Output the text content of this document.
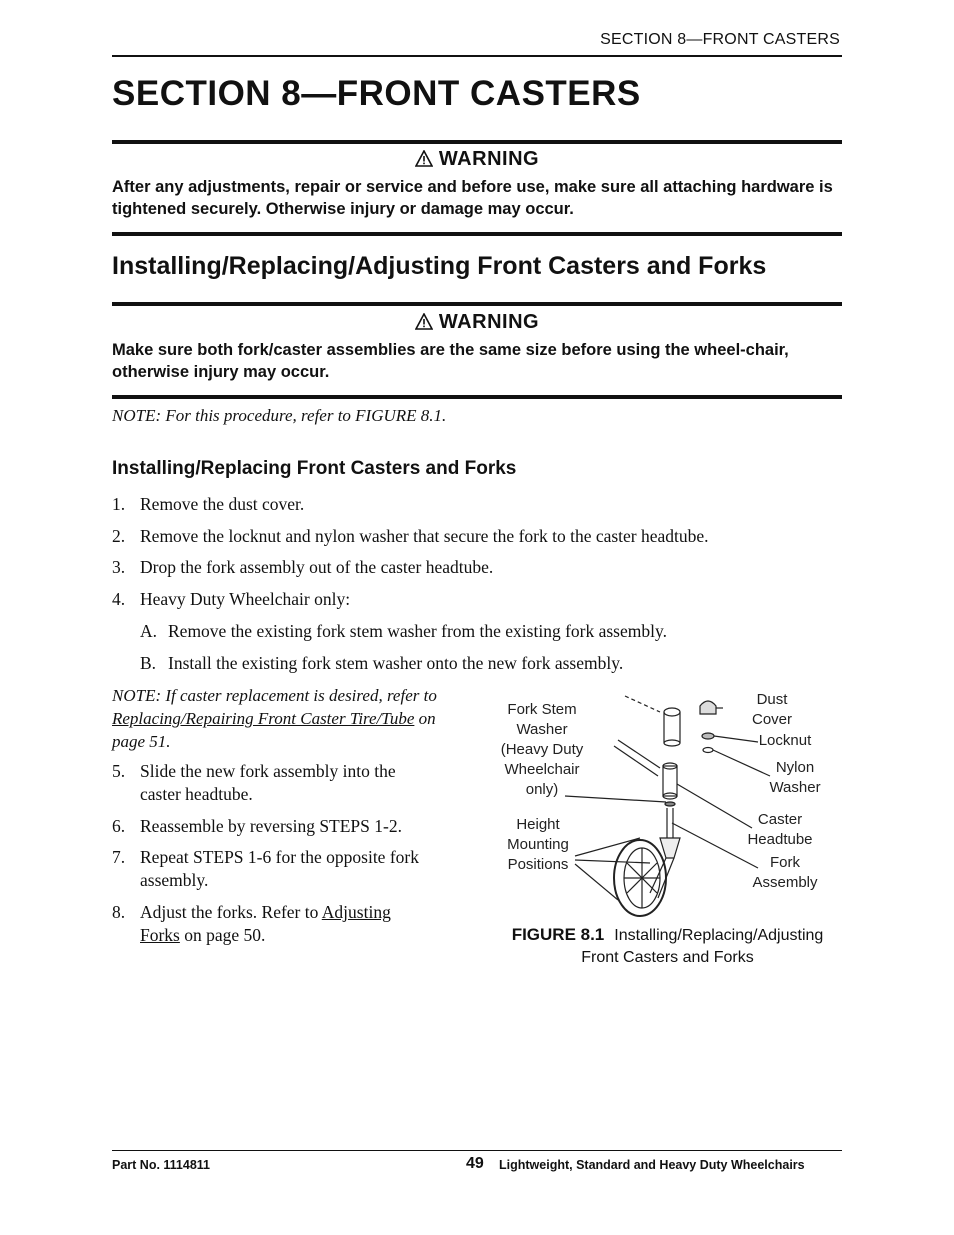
SECTION 8—FRONT CASTERS
SECTION 8—FRONT CASTERS
WARNING
After any adjustments, repair or service and before use, make sure all attaching hardware is tightened securely. Otherwise injury or damage may occur.
Installing/Replacing/Adjusting Front Casters and Forks
WARNING
Make sure both fork/caster assemblies are the same size before using the wheel-chair, otherwise injury may occur.
NOTE: For this procedure, refer to FIGURE 8.1.
Installing/Replacing Front Casters and Forks
1. Remove the dust cover.
2. Remove the locknut and nylon washer that secure the fork to the caster headtube.
3. Drop the fork assembly out of the caster headtube.
4. Heavy Duty Wheelchair only:
A. Remove the existing fork stem washer from the existing fork assembly.
B. Install the existing fork stem washer onto the new fork assembly.
NOTE: If caster replacement is desired, refer to Replacing/Repairing Front Caster Tire/Tube on page 51.
5. Slide the new fork assembly into the
caster headtube.
6. Reassemble by reversing STEPS 1-2.
7. Repeat STEPS 1-6 for the opposite fork
assembly.
8. Adjust the forks. Refer to Adjusting
Forks on page 50.
Fork Stem
Washer
(Heavy Duty
Wheelchair
only)
Dust
Cover
Locknut
Nylon
Washer
Height
Mounting
Positions
Caster
Headtube
Fork
Assembly
FIGURE 8.1 Installing/Replacing/Adjusting
Front Casters and Forks
Part No. 1114811	49 Lightweight, Standard and Heavy Duty Wheelchairs
